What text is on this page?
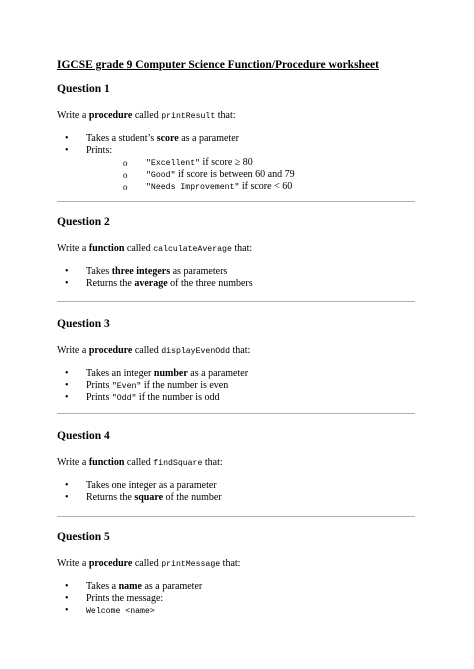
IGCSE grade 9 Computer Science Function/Procedure worksheet
Question 1

Write a procedure called printResult that:

• Takes a student’s score as a parameter
• Prints:
o "Excellent" if score ≥ 80
o "Good" if score is between 60 and 79
o "Needs Improvement" if score < 60
Question 2

Write a function called calculateAverage that:

• Takes three integers as parameters
• Returns the average of the three numbers
Question 3

Write a procedure called displayEvenOdd that:

• Takes an integer number as a parameter
• Prints "Even" if the number is even
• Prints "Odd" if the number is odd
Question 4

Write a function called findSquare that:

• Takes one integer as a parameter
• Returns the square of the number
Question 5

Write a procedure called printMessage that:

• Takes a name as a parameter
• Prints the message:
• Welcome <name>
